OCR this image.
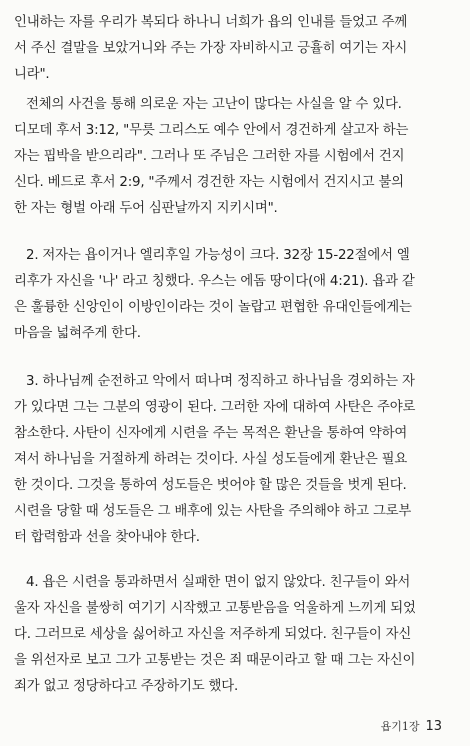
인내하는 자를 우리가 복되다 하나니 너희가 욥의 인내를 들었고 주께

서 주신 결말을 보았거니와 주는 가장 자비하시고 긍휼히 여기는 자시

니라".

전체의 사건을 통해 의로운 자는 고난이 많다는 사실을 알 수 있다.

디모데 후서 3:12, "무릇 그리스도 예수 안에서 경건하게 살고자 하는

자는 핍박을 받으리라". 그러나 또 주님은 그러한 자를 시험에서 건지

신다. 베드로 후서 2:9, "주께서 경건한 자는 시험에서 건지시고 불의

한 자는 형벌 아래 두어 심판날까지 지키시며".

2. 저자는 욥이거나 엘리후일 가능성이 크다. 32장 15-22절에서 엘

리후가 자신을 '나' 라고 칭했다. 우스는 에돔 땅이다(애 4:21). 욥과 같

은 훌륭한 신앙인이 이방인이라는 것이 놀랍고 편협한 유대인들에게는

마음을 넓혀주게 한다.

3. 하나님께 순전하고 악에서 떠나며 정직하고 하나님을 경외하는 자

가 있다면 그는 그분의 영광이 된다. 그러한 자에 대하여 사탄은 주야로

참소한다. 사탄이 신자에게 시련을 주는 목적은 환난을 통하여 약하여

져서 하나님을 거절하게 하려는 것이다. 사실 성도들에게 환난은 필요

한 것이다. 그것을 통하여 성도들은 벗어야 할 많은 것들을 벗게 된다.

시련을 당할 때 성도들은 그 배후에 있는 사탄을 주의해야 하고 그로부

터 합력함과 선을 찾아내야 한다.

4. 욥은 시련을 통과하면서 실패한 면이 없지 않았다. 친구들이 와서

울자 자신을 불쌍히 여기기 시작했고 고통받음을 억울하게 느끼게 되었

다. 그러므로 세상을 싫어하고 자신을 저주하게 되었다. 친구들이 자신

을 위선자로 보고 그가 고통받는 것은 죄 때문이라고 할 때 그는 자신이

죄가 없고 정당하다고 주장하기도 했다.

욥기1장 13
